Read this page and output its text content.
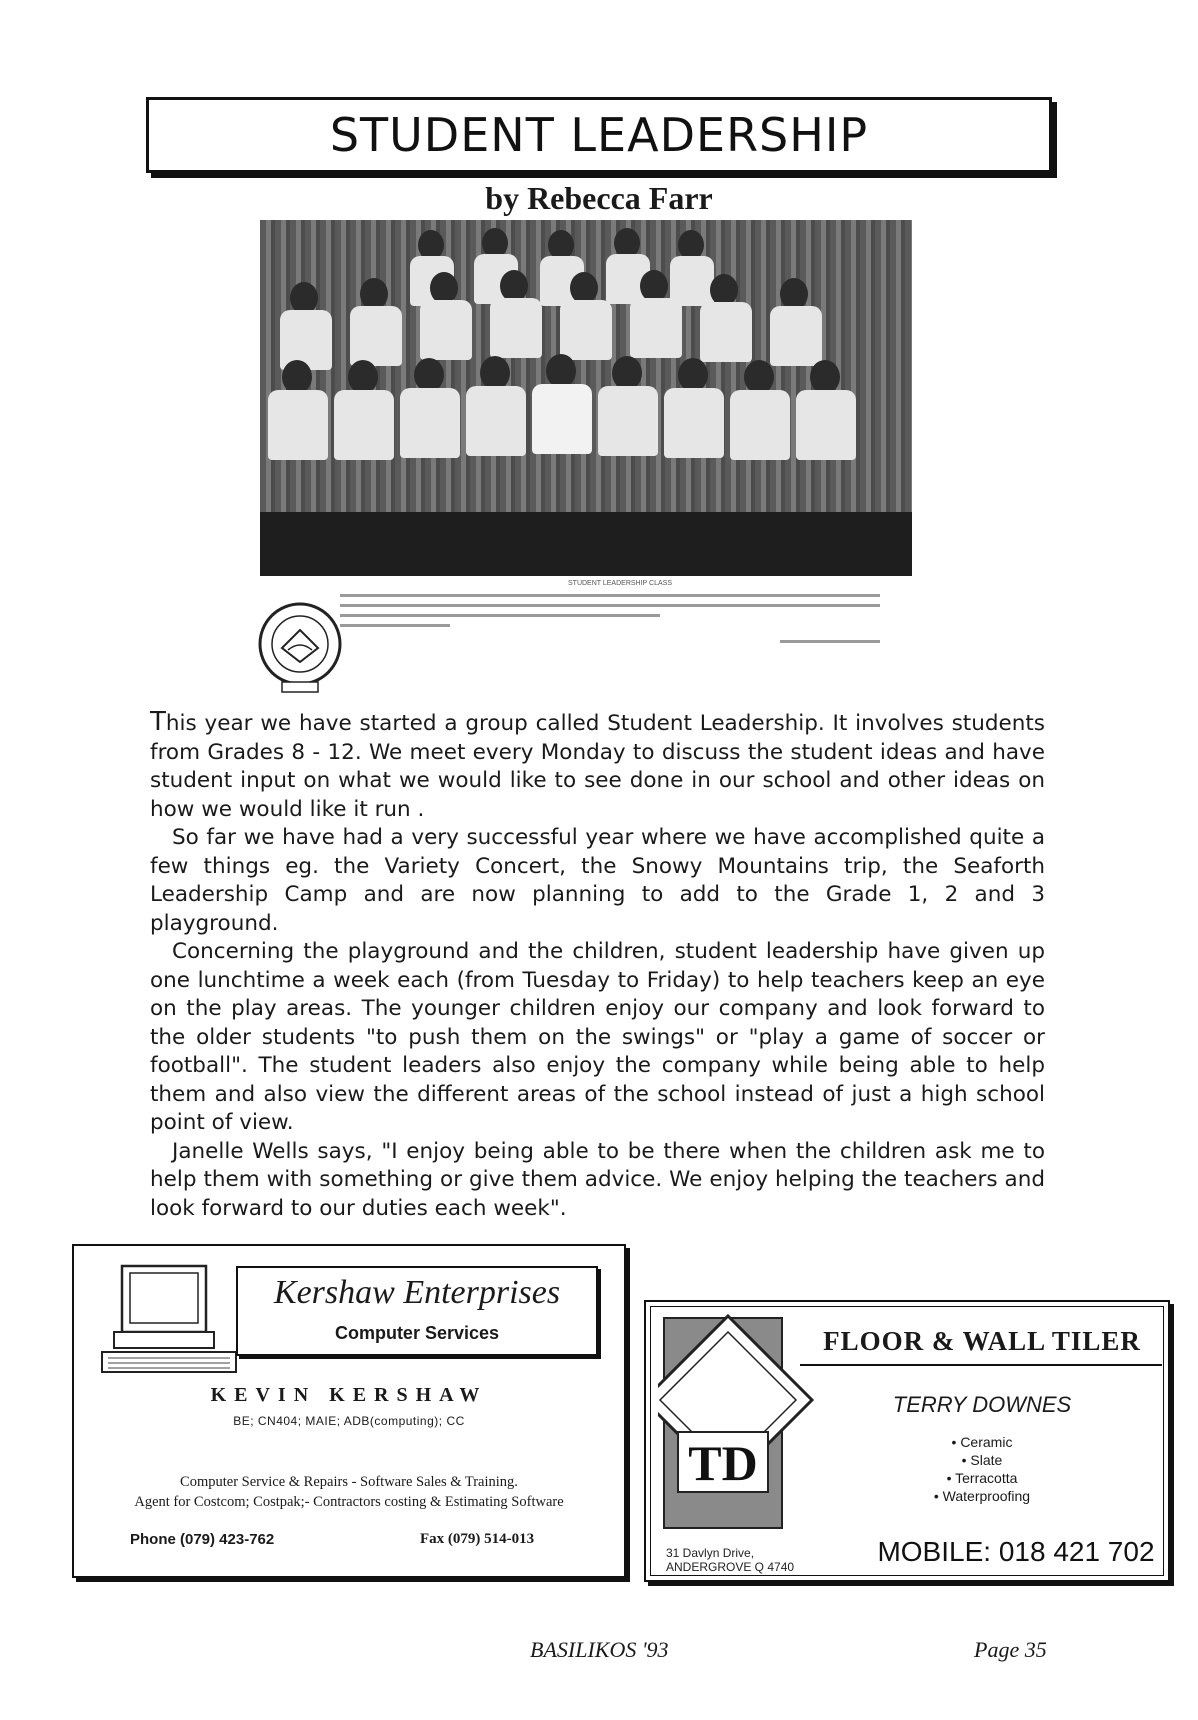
STUDENT LEADERSHIP
by Rebecca Farr
STUDENT LEADERSHIP CLASS

This year we have started a group called Student Leadership. It involves students from Grades 8 - 12. We meet every Monday to discuss the student ideas and have student input on what we would like to see done in our school and other ideas on how we would like it run .

So far we have had a very successful year where we have accomplished quite a few things eg. the Variety Concert, the Snowy Mountains trip, the Seaforth Leadership Camp and are now planning to add to the Grade 1, 2 and 3 playground.

Concerning the playground and the children, student leadership have given up one lunchtime a week each (from Tuesday to Friday) to help teachers keep an eye on the play areas. The younger children enjoy our company and look forward to the older students "to push them on the swings" or "play a game of soccer or football". The student leaders also enjoy the company while being able to help them and also view the different areas of the school instead of just a high school point of view.

Janelle Wells says, "I enjoy being able to be there when the children ask me to help them with something or give them advice. We enjoy helping the teachers and look forward to our duties each week".

Kershaw Enterprises
Computer Services
KEVIN KERSHAW
BE; CN404; MAIE; ADB(computing); CC
Computer Service & Repairs - Software Sales & Training.
Agent for Costcom; Costpak;- Contractors costing & Estimating Software
Phone (079) 423-762	Fax (079) 514-013
TD
FLOOR & WALL TILER
TERRY DOWNES
• Ceramic
• Slate
• Terracotta
• Waterproofing
31 Davlyn Drive,
ANDERGROVE Q 4740	MOBILE: 018 421 702
BASILIKOS '93	Page 35
